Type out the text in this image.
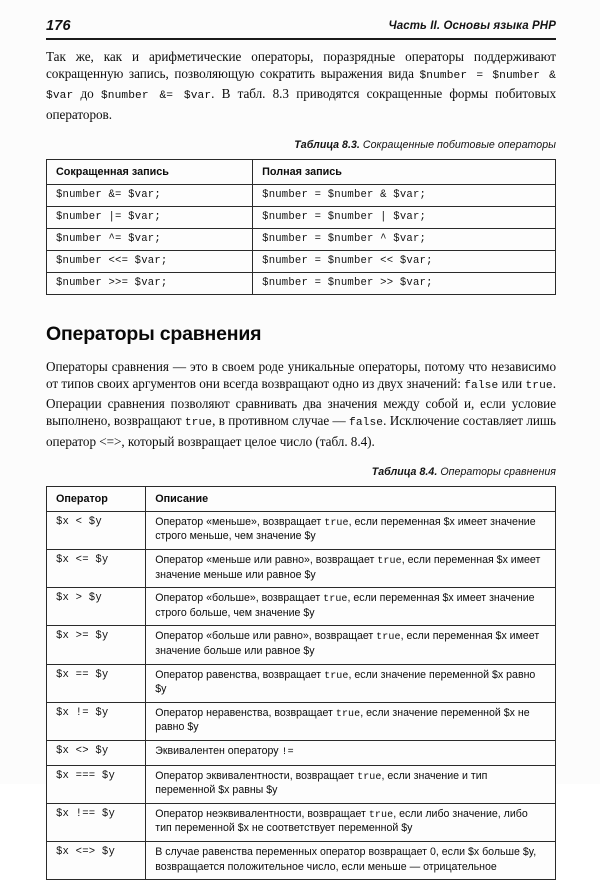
176	Часть II. Основы языка PHP

Так же, как и арифметические операторы, поразрядные операторы поддерживают сокращенную запись, позволяющую сократить выражения вида $number = $number & $var до $number &= $var. В табл. 8.3 приводятся сокращенные формы побитовых операторов.

Таблица 8.3. Сокращенные побитовые операторы
Сокращенная запись	Полная запись
$number &= $var;	$number = $number & $var;
$number |= $var;	$number = $number | $var;
$number ^= $var;	$number = $number ^ $var;
$number <<= $var;	$number = $number << $var;
$number >>= $var;	$number = $number >> $var;
Операторы сравнения

Операторы сравнения — это в своем роде уникальные операторы, потому что независимо от типов своих аргументов они всегда возвращают одно из двух значений: false или true. Операции сравнения позволяют сравнивать два значения между собой и, если условие выполнено, возвращают true, в противном случае — false. Исключение составляет лишь оператор <=>, который возвращает целое число (табл. 8.4).

Таблица 8.4. Операторы сравнения
Оператор	Описание
$x < $y	Оператор «меньше», возвращает true, если переменная $x имеет значение строго меньше, чем значение $y
$x <= $y	Оператор «меньше или равно», возвращает true, если переменная $x имеет значение меньше или равное $y
$x > $y	Оператор «больше», возвращает true, если переменная $x имеет значение строго больше, чем значение $y
$x >= $y	Оператор «больше или равно», возвращает true, если переменная $x имеет значение больше или равное $y
$x == $y	Оператор равенства, возвращает true, если значение переменной $x равно $y
$x != $y	Оператор неравенства, возвращает true, если значение переменной $x не равно $y
$x <> $y	Эквивалентен оператору !=
$x === $y	Оператор эквивалентности, возвращает true, если значение и тип переменной $x равны $y
$x !== $y	Оператор неэквивалентности, возвращает true, если либо значение, либо тип переменной $x не соответствует переменной $y
$x <=> $y	В случае равенства переменных оператор возвращает 0, если $x больше $y, возвращается положительное число, если меньше — отрицательное
